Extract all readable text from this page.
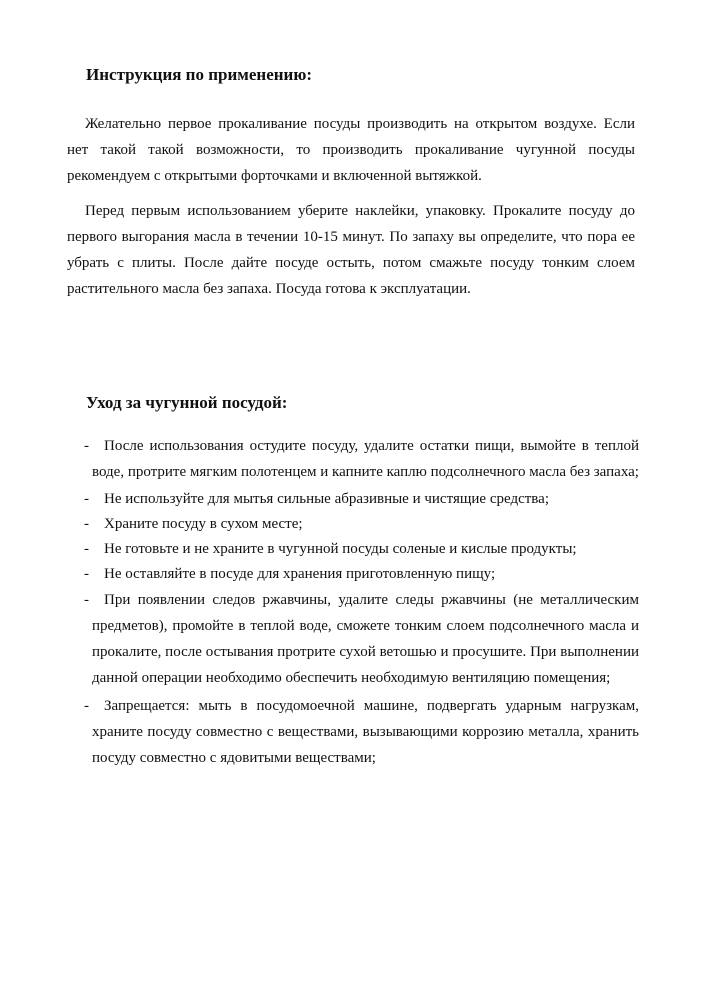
Инструкция по применению:

Желательно первое прокаливание посуды производить на открытом воздухе. Если нет такой такой возможности, то производить прокаливание чугунной посуды рекомендуем с открытыми форточками и включенной вытяжкой.

Перед первым использованием уберите наклейки, упаковку. Прокалите посуду до первого выгорания масла в течении 10-15 минут. По запаху вы определите, что пора ее убрать с плиты. После дайте посуде остыть, потом смажьте посуду тонким слоем растительного масла без запаха. Посуда готова к эксплуатации.

Уход за чугунной посудой:
- После использования остудите посуду, удалите остатки пищи, вымойте в теплой воде, протрите мягким полотенцем и капните каплю подсолнечного масла без запаха;
- Не используйте для мытья сильные абразивные и чистящие средства;
- Храните посуду в сухом месте;
- Не готовьте и не храните в чугунной посуды соленые и кислые продукты;
- Не оставляйте в посуде для хранения приготовленную пищу;
- При появлении следов ржавчины, удалите следы ржавчины (не металлическим предметов), промойте в теплой воде, сможете тонким слоем подсолнечного масла и прокалите, после остывания протрите сухой ветошью и просушите. При выполнении данной операции необходимо обеспечить необходимую вентиляцию помещения;
- Запрещается: мыть в посудомоечной машине, подвергать ударным нагрузкам, храните посуду совместно с веществами, вызывающими коррозию металла, хранить посуду совместно с ядовитыми веществами;
